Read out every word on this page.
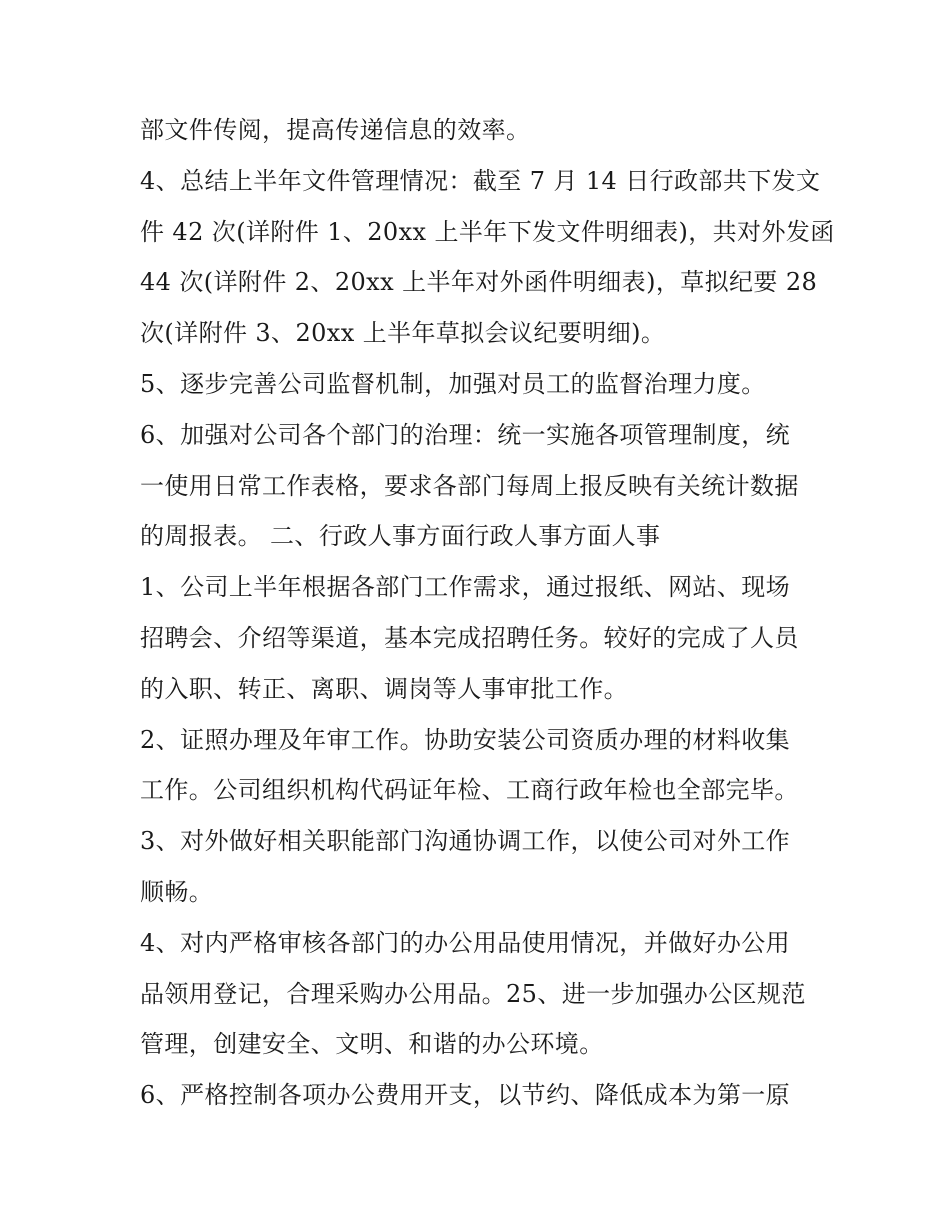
部文件传阅，提高传递信息的效率。
4、总结上半年文件管理情况：截至 7 月 14 日行政部共下发文
件 42 次(详附件 1、20xx 上半年下发文件明细表)，共对外发函
44 次(详附件 2、20xx 上半年对外函件明细表)，草拟纪要 28
次(详附件 3、20xx 上半年草拟会议纪要明细)。
5、逐步完善公司监督机制，加强对员工的监督治理力度。
6、加强对公司各个部门的治理：统一实施各项管理制度，统
一使用日常工作表格，要求各部门每周上报反映有关统计数据
的周报表。 二、行政人事方面行政人事方面人事
1、公司上半年根据各部门工作需求，通过报纸、网站、现场
招聘会、介绍等渠道，基本完成招聘任务。较好的完成了人员
的入职、转正、离职、调岗等人事审批工作。
2、证照办理及年审工作。协助安装公司资质办理的材料收集
工作。公司组织机构代码证年检、工商行政年检也全部完毕。
3、对外做好相关职能部门沟通协调工作，以使公司对外工作
顺畅。
4、对内严格审核各部门的办公用品使用情况，并做好办公用
品领用登记，合理采购办公用品。25、进一步加强办公区规范
管理，创建安全、文明、和谐的办公环境。
6、严格控制各项办公费用开支，以节约、降低成本为第一原
